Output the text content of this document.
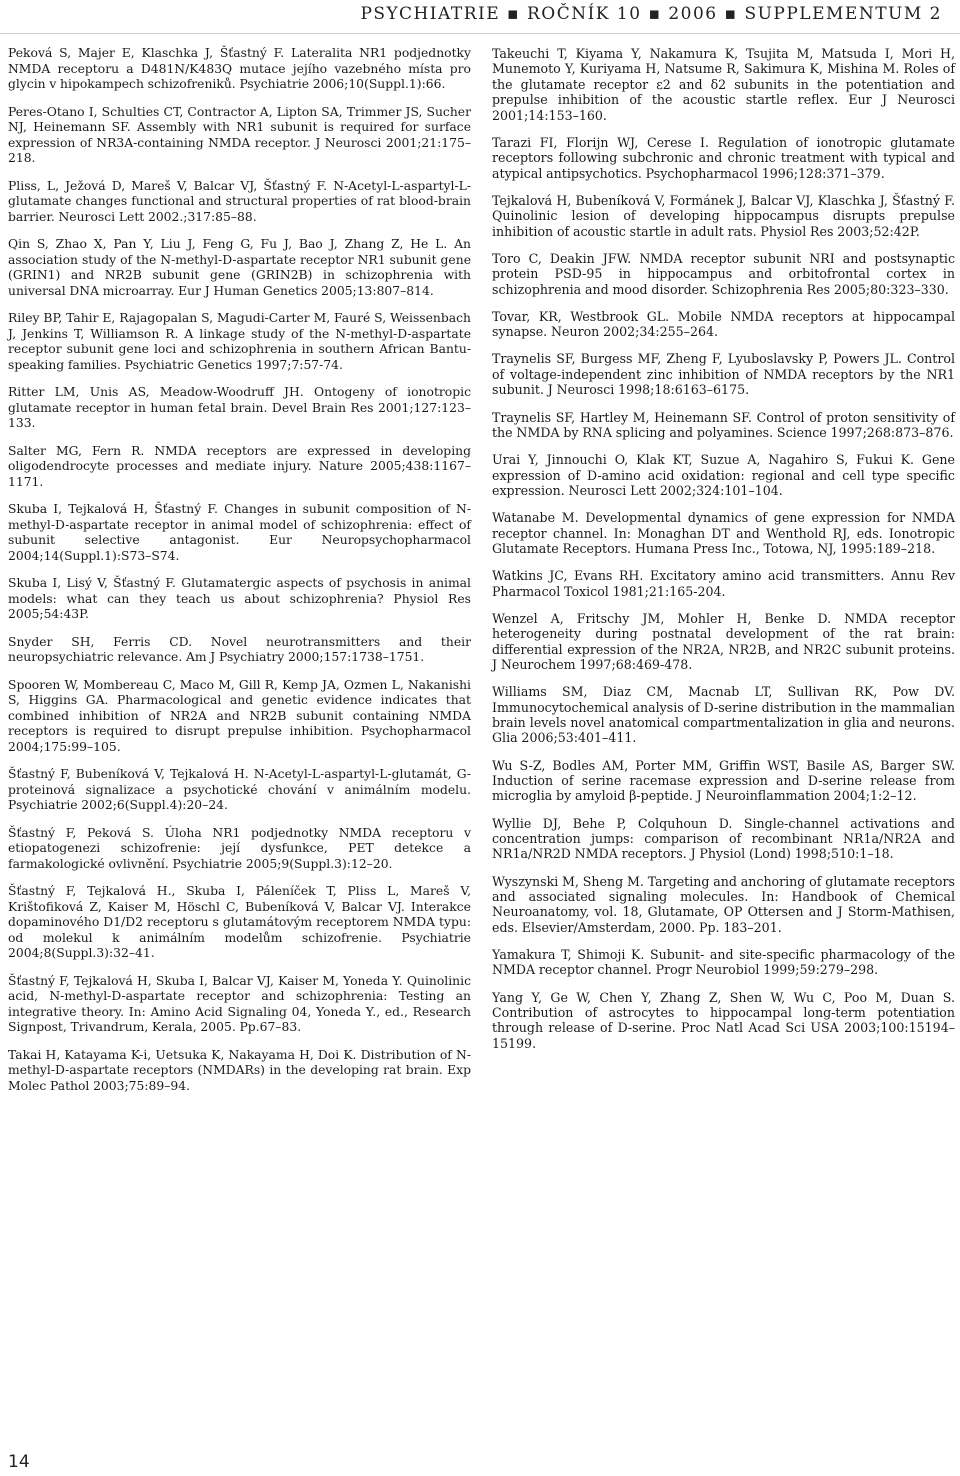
PSYCHIATRIE ▪ ROČNÍK 10 ▪ 2006 ▪ SUPPLEMENTUM 2

Peková S, Majer E, Klaschka J, Šťastný F. Lateralita NR1 podjednotky NMDA receptoru a D481N/K483Q mutace jejího vazebného místa pro glycin v hipokampech schizofreniků. Psychiatrie 2006;10(Suppl.1):66.

Peres-Otano I, Schulties CT, Contractor A, Lipton SA, Trimmer JS, Sucher NJ, Heinemann SF. Assembly with NR1 subunit is required for surface expression of NR3A-containing NMDA receptor. J Neurosci 2001;21:175–218.

Pliss, L, Ježová D, Mareš V, Balcar VJ, Šťastný F. N-Acetyl-L-aspartyl-L-glutamate changes functional and structural properties of rat blood-brain barrier. Neurosci Lett 2002.;317:85–88.

Qin S, Zhao X, Pan Y, Liu J, Feng G, Fu J, Bao J, Zhang Z, He L. An association study of the N-methyl-D-aspartate receptor NR1 subunit gene (GRIN1) and NR2B subunit gene (GRIN2B) in schizophrenia with universal DNA microarray. Eur J Human Genetics 2005;13:807–814.

Riley BP, Tahir E, Rajagopalan S, Magudi-Carter M, Fauré S, Weissenbach J, Jenkins T, Williamson R. A linkage study of the N-methyl-D-aspartate receptor subunit gene loci and schizophrenia in southern African Bantu-speaking families. Psychiatric Genetics 1997;7:57-74.

Ritter LM, Unis AS, Meadow-Woodruff JH. Ontogeny of ionotropic glutamate receptor in human fetal brain. Devel Brain Res 2001;127:123–133.

Salter MG, Fern R. NMDA receptors are expressed in developing oligodendrocyte processes and mediate injury. Nature 2005;438:1167–1171.

Skuba I, Tejkalová H, Šťastný F. Changes in subunit composition of N-methyl-D-aspartate receptor in animal model of schizophrenia: effect of subunit selective antagonist. Eur Neuropsychopharmacol 2004;14(Suppl.1):S73–S74.

Skuba I, Lisý V, Šťastný F. Glutamatergic aspects of psychosis in animal models: what can they teach us about schizophrenia? Physiol Res 2005;54:43P.

Snyder SH, Ferris CD. Novel neurotransmitters and their neuropsychiatric relevance. Am J Psychiatry 2000;157:1738–1751.

Spooren W, Mombereau C, Maco M, Gill R, Kemp JA, Ozmen L, Nakanishi S, Higgins GA. Pharmacological and genetic evidence indicates that combined inhibition of NR2A and NR2B subunit containing NMDA receptors is required to disrupt prepulse inhibition. Psychopharmacol 2004;175:99–105.

Šťastný F, Bubeníková V, Tejkalová H. N-Acetyl-L-aspartyl-L-glutamát, G-proteinová signalizace a psychotické chování v animálním modelu. Psychiatrie 2002;6(Suppl.4):20–24.

Šťastný F, Peková S. Úloha NR1 podjednotky NMDA receptoru v etiopatogenezi schizofrenie: její dysfunkce, PET detekce a farmakologické ovlivnění. Psychiatrie 2005;9(Suppl.3):12–20.

Šťastný F, Tejkalová H., Skuba I, Páleníček T, Pliss L, Mareš V, Krištofiková Z, Kaiser M, Höschl C, Bubeníková V, Balcar VJ. Interakce dopaminového D1/D2 receptoru s glutamátovým receptorem NMDA typu: od molekul k animálním modelům schizofrenie. Psychiatrie 2004;8(Suppl.3):32–41.

Šťastný F, Tejkalová H, Skuba I, Balcar VJ, Kaiser M, Yoneda Y. Quinolinic acid, N-methyl-D-aspartate receptor and schizophrenia: Testing an integrative theory. In: Amino Acid Signaling 04, Yoneda Y., ed., Research Signpost, Trivandrum, Kerala, 2005. Pp.67–83.

Takai H, Katayama K-i, Uetsuka K, Nakayama H, Doi K. Distribution of N-methyl-D-aspartate receptors (NMDARs) in the developing rat brain. Exp Molec Pathol 2003;75:89–94.

Takeuchi T, Kiyama Y, Nakamura K, Tsujita M, Matsuda I, Mori H, Munemoto Y, Kuriyama H, Natsume R, Sakimura K, Mishina M. Roles of the glutamate receptor ε2 and δ2 subunits in the potentiation and prepulse inhibition of the acoustic startle reflex. Eur J Neurosci 2001;14:153–160.

Tarazi FI, Florijn WJ, Cerese I. Regulation of ionotropic glutamate receptors following subchronic and chronic treatment with typical and atypical antipsychotics. Psychopharmacol 1996;128:371–379.

Tejkalová H, Bubeníková V, Formánek J, Balcar VJ, Klaschka J, Šťastný F. Quinolinic lesion of developing hippocampus disrupts prepulse inhibition of acoustic startle in adult rats. Physiol Res 2003;52:42P.

Toro C, Deakin JFW. NMDA receptor subunit NRI and postsynaptic protein PSD-95 in hippocampus and orbitofrontal cortex in schizophrenia and mood disorder. Schizophrenia Res 2005;80:323–330.

Tovar, KR, Westbrook GL. Mobile NMDA receptors at hippocampal synapse. Neuron 2002;34:255–264.

Traynelis SF, Burgess MF, Zheng F, Lyuboslavsky P, Powers JL. Control of voltage-independent zinc inhibition of NMDA receptors by the NR1 subunit. J Neurosci 1998;18:6163–6175.

Traynelis SF, Hartley M, Heinemann SF. Control of proton sensitivity of the NMDA by RNA splicing and polyamines. Science 1997;268:873–876.

Urai Y, Jinnouchi O, Klak KT, Suzue A, Nagahiro S, Fukui K. Gene expression of D-amino acid oxidation: regional and cell type specific expression. Neurosci Lett 2002;324:101–104.

Watanabe M. Developmental dynamics of gene expression for NMDA receptor channel. In: Monaghan DT and Wenthold RJ, eds. Ionotropic Glutamate Receptors. Humana Press Inc., Totowa, NJ, 1995:189–218.

Watkins JC, Evans RH. Excitatory amino acid transmitters. Annu Rev Pharmacol Toxicol 1981;21:165-204.

Wenzel A, Fritschy JM, Mohler H, Benke D. NMDA receptor heterogeneity during postnatal development of the rat brain: differential expression of the NR2A, NR2B, and NR2C subunit proteins. J Neurochem 1997;68:469-478.

Williams SM, Diaz CM, Macnab LT, Sullivan RK, Pow DV. Immunocytochemical analysis of D-serine distribution in the mammalian brain levels novel anatomical compartmentalization in glia and neurons. Glia 2006;53:401–411.

Wu S-Z, Bodles AM, Porter MM, Griffin WST, Basile AS, Barger SW. Induction of serine racemase expression and D-serine release from microglia by amyloid β-peptide. J Neuroinflammation 2004;1:2–12.

Wyllie DJ, Behe P, Colquhoun D. Single-channel activations and concentration jumps: comparison of recombinant NR1a/NR2A and NR1a/NR2D NMDA receptors. J Physiol (Lond) 1998;510:1–18.

Wyszynski M, Sheng M. Targeting and anchoring of glutamate receptors and associated signaling molecules. In: Handbook of Chemical Neuroanatomy, vol. 18, Glutamate, OP Ottersen and J Storm-Mathisen, eds. Elsevier/Amsterdam, 2000. Pp. 183–201.

Yamakura T, Shimoji K. Subunit- and site-specific pharmacology of the NMDA receptor channel. Progr Neurobiol 1999;59:279–298.

Yang Y, Ge W, Chen Y, Zhang Z, Shen W, Wu C, Poo M, Duan S. Contribution of astrocytes to hippocampal long-term potentiation through release of D-serine. Proc Natl Acad Sci USA 2003;100:15194–15199.

14
